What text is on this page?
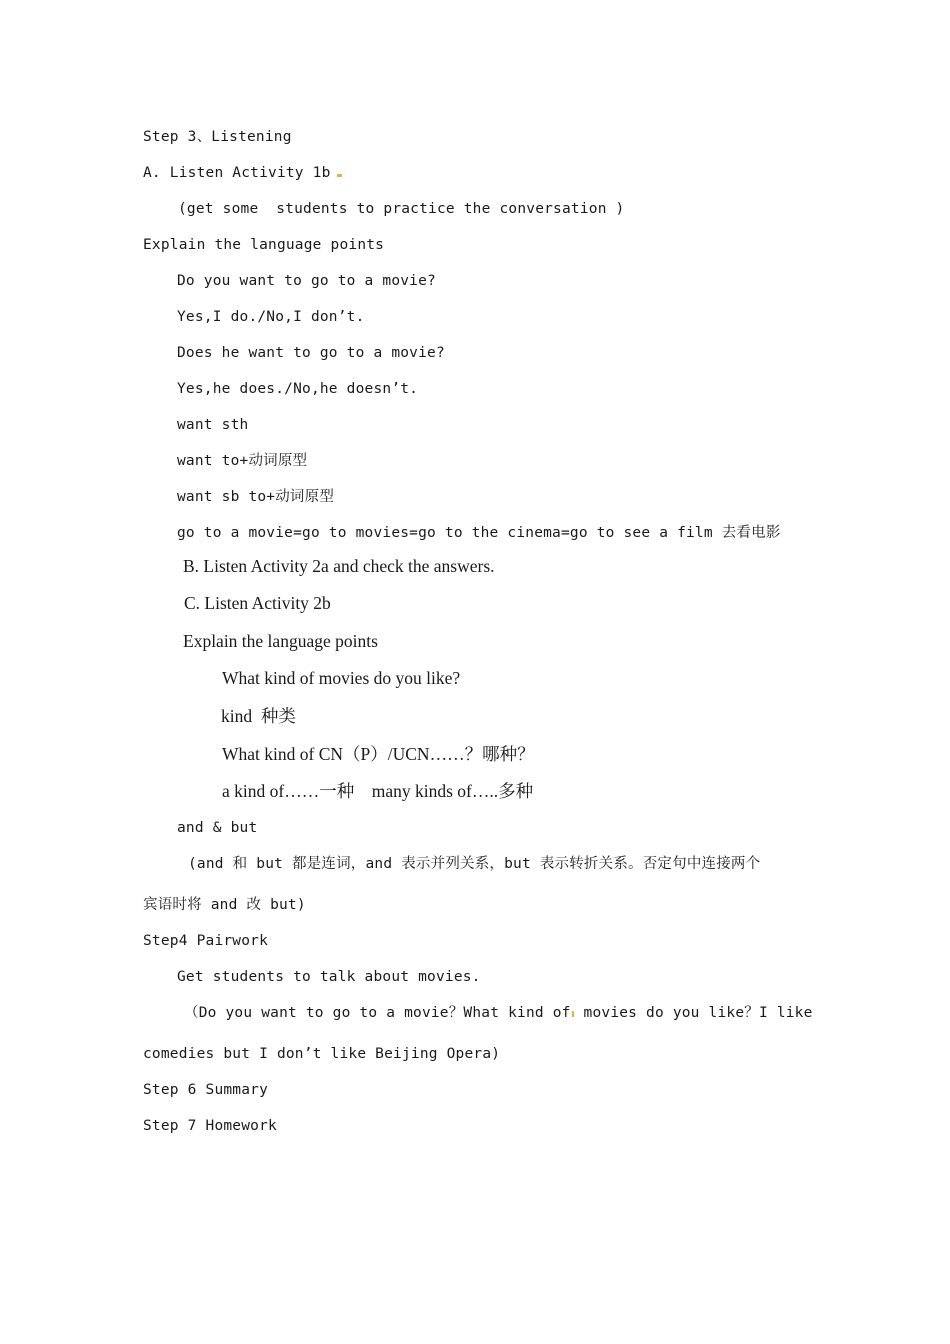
Step 3、Listening
A. Listen Activity 1b
(get some  students to practice the conversation )
Explain the language points
Do you want to go to a movie?
Yes,I do./No,I don’t.
Does he want to go to a movie?
Yes,he does./No,he doesn’t.
want sth
want to+动词原型
want sb to+动词原型
go to a movie=go to movies=go to the cinema=go to see a film 去看电影
B. Listen Activity 2a and check the answers.
C. Listen Activity 2b
Explain the language points
What kind of movies do you like?
kind  种类
What kind of CN（P）/UCN……？哪种？
a kind of……一种    many kinds of…..多种
and & but
(and 和 but 都是连词，and 表示并列关系，but 表示转折关系。否定句中连接两个
宾语时将 and 改 but)
Step4 Pairwork
Get students to talk about movies.
（Do you want to go to a movie？What kind of movies do you like？I like
comedies but I don’t like Beijing Opera)
Step 6 Summary
Step 7 Homework
